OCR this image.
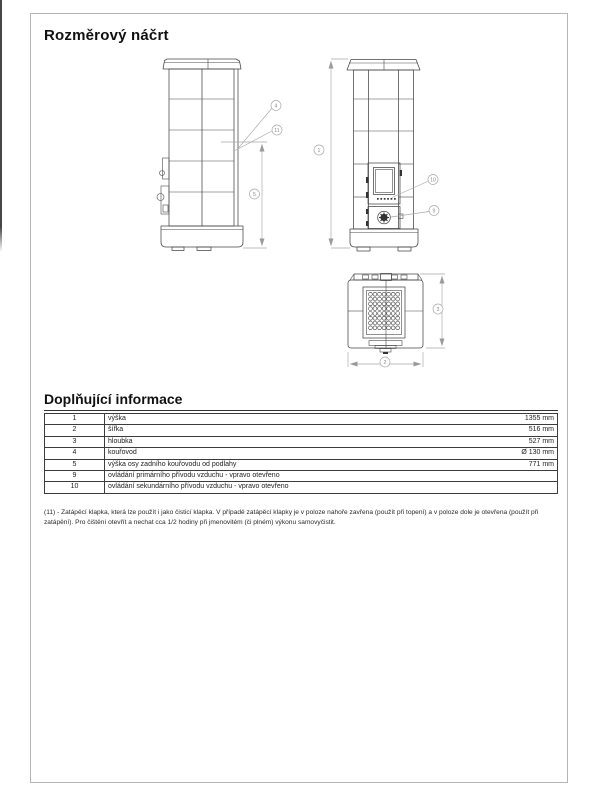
Rozměrový náčrt
5
4
11
1
10
9
3
2
Doplňující informace
1	výška 1355 mm

2	šířka 516 mm

3	hloubka 527 mm

4	kouřovod Ø 130 mm

5	výška osy zadního kouřovodu od podlahy 771 mm

9	ovládání primárního přívodu vzduchu - vpravo otevřeno

10	ovládání sekundárního přívodu vzduchu - vpravo otevřeno

(11) - Zatápěcí klapka, která lze použít i jako čisticí klapka. V případě zatápěcí klapky je v poloze nahoře zavřena (použít při topení) a v poloze dole je otevřena (použít při zatápění). Pro čištění otevřít a nechat cca 1/2 hodiny při jmenovitém (či plném) výkonu samovyčistit.
